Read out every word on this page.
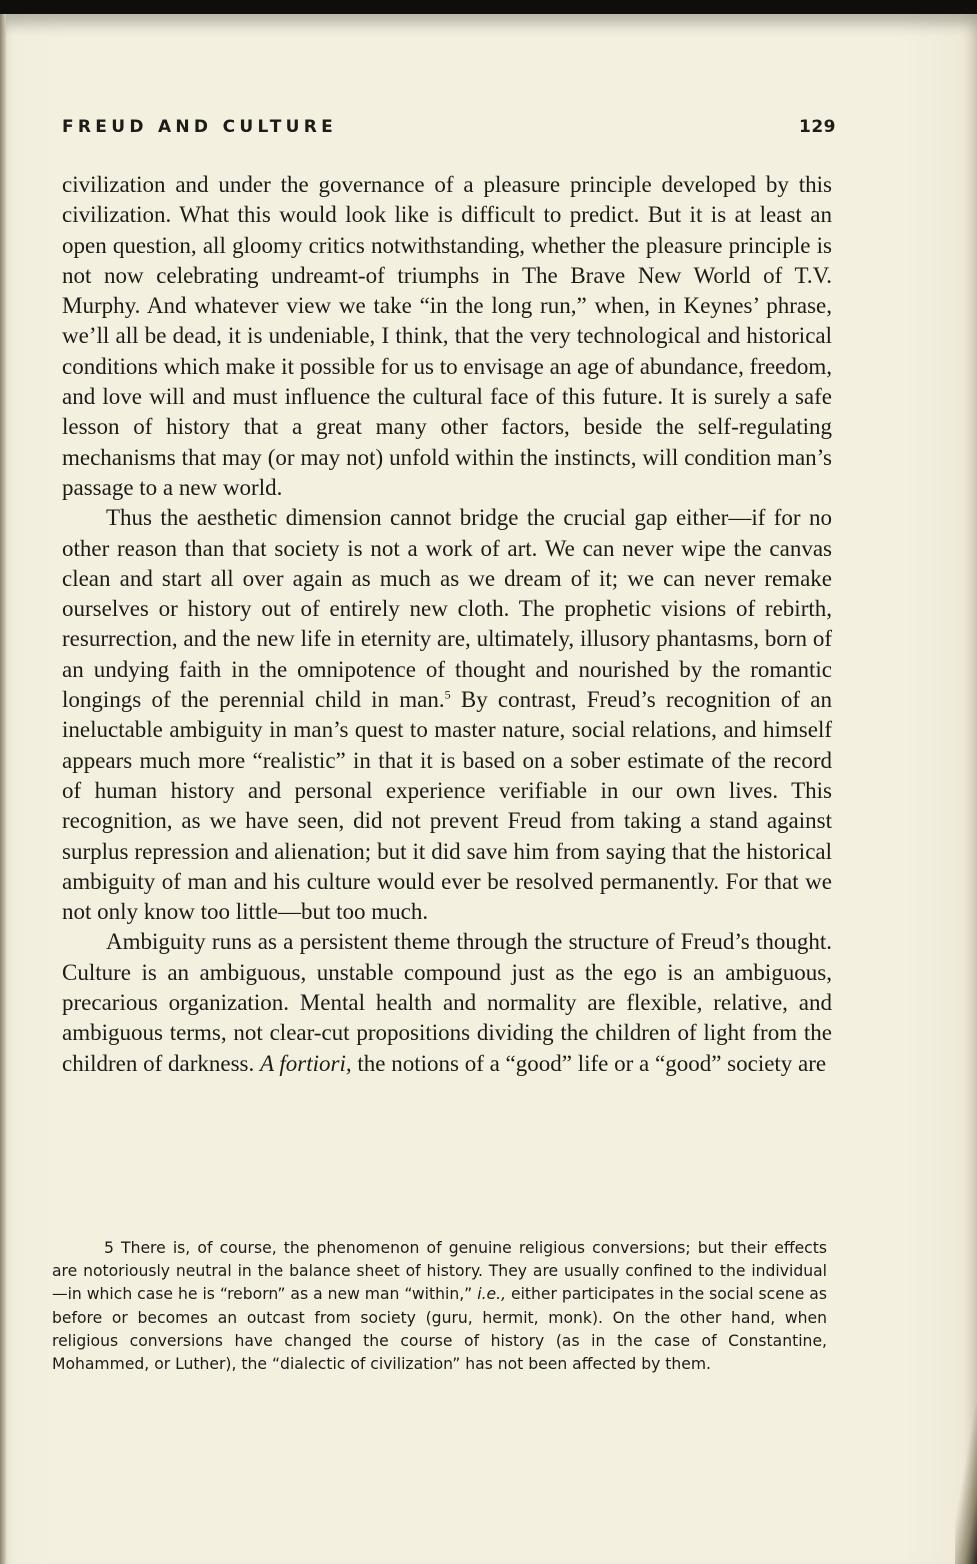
FREUD AND CULTURE	129

civilization and under the governance of a pleasure principle developed by this civilization. What this would look like is difficult to predict. But it is at least an open question, all gloomy critics notwithstanding, whether the pleasure principle is not now celebrating undreamt-of triumphs in The Brave New World of T.V. Murphy. And whatever view we take “in the long run,” when, in Keynes’ phrase, we’ll all be dead, it is undeniable, I think, that the very technological and historical conditions which make it possible for us to envisage an age of abundance, freedom, and love will and must influence the cultural face of this future. It is surely a safe lesson of history that a great many other factors, beside the self-regulating mechanisms that may (or may not) unfold within the instincts, will condition man’s passage to a new world.

Thus the aesthetic dimension cannot bridge the crucial gap either—if for no other reason than that society is not a work of art. We can never wipe the canvas clean and start all over again as much as we dream of it; we can never remake ourselves or history out of entirely new cloth. The prophetic visions of rebirth, resurrection, and the new life in eternity are, ultimately, illusory phantasms, born of an undying faith in the omnipotence of thought and nourished by the romantic longings of the perennial child in man.$^5$ By contrast, Freud’s recognition of an ineluctable ambiguity in man’s quest to master nature, social relations, and himself appears much more “realistic” in that it is based on a sober estimate of the record of human history and personal experience verifiable in our own lives. This recognition, as we have seen, did not prevent Freud from taking a stand against surplus repression and alienation; but it did save him from saying that the historical ambiguity of man and his culture would ever be resolved permanently. For that we not only know too little—but too much.

Ambiguity runs as a persistent theme through the structure of Freud’s thought. Culture is an ambiguous, unstable compound just as the ego is an ambiguous, precarious organization. Mental health and normality are flexible, relative, and ambiguous terms, not clear-cut propositions dividing the children of light from the children of darkness. A fortiori, the notions of a “good” life or a “good” society are

5 There is, of course, the phenomenon of genuine religious conversions; but their effects are notoriously neutral in the balance sheet of history. They are usually confined to the individual—in which case he is “reborn” as a new man “within,” i.e., either participates in the social scene as before or becomes an outcast from society (guru, hermit, monk). On the other hand, when religious conversions have changed the course of history (as in the case of Constantine, Mohammed, or Luther), the “dialectic of civilization” has not been affected by them.
